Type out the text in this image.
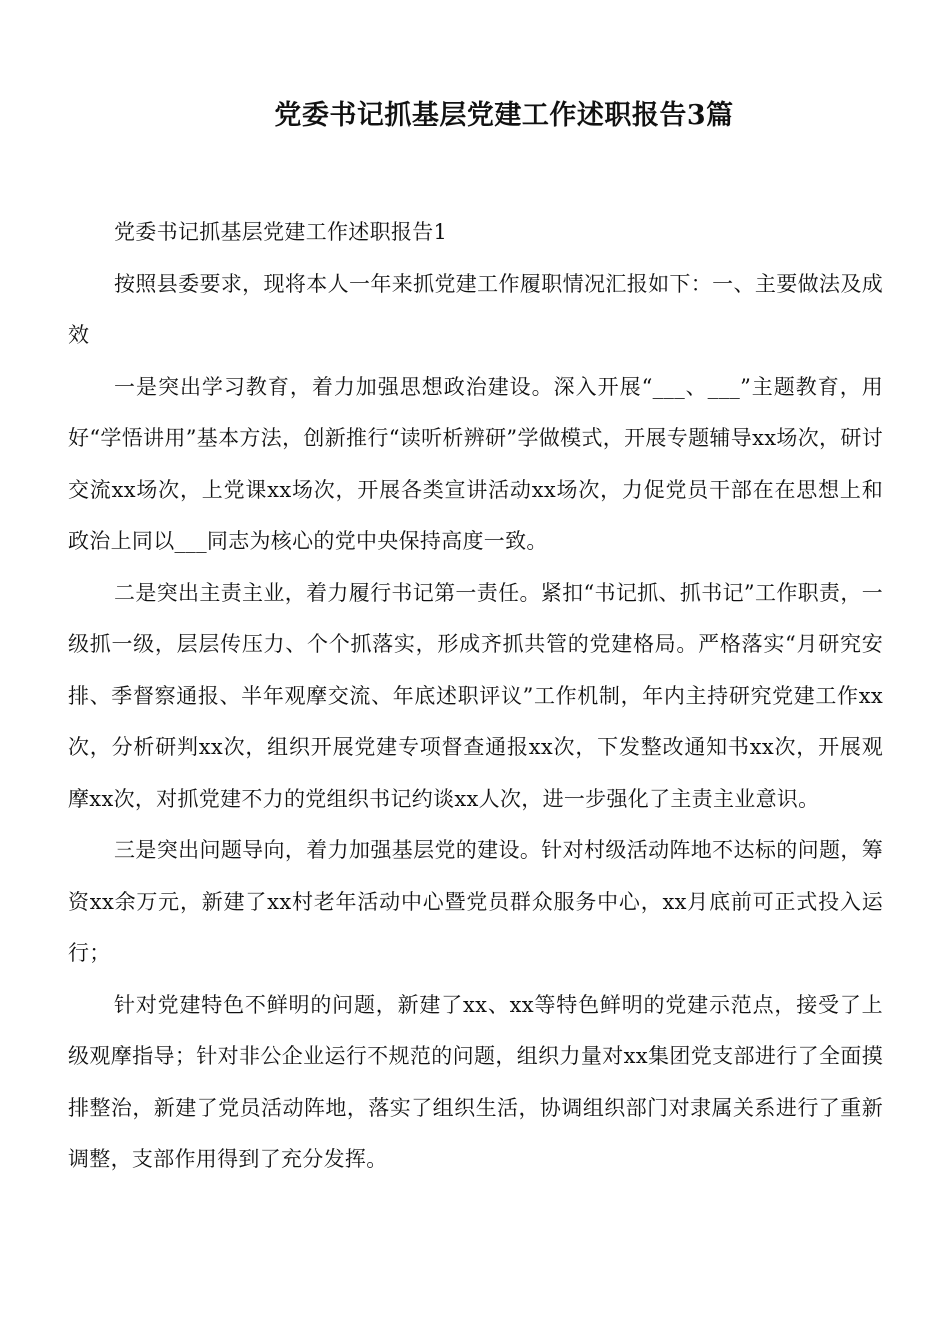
党委书记抓基层党建工作述职报告3篇

党委书记抓基层党建工作述职报告1

按照县委要求，现将本人一年来抓党建工作履职情况汇报如下：一、主要做法及成效

一是突出学习教育，着力加强思想政治建设。深入开展“___、___”主题教育，用好“学悟讲用”基本方法，创新推行“读听析辨研”学做模式，开展专题辅导xx场次，研讨交流xx场次，上党课xx场次，开展各类宣讲活动xx场次，力促党员干部在在思想上和政治上同以___同志为核心的党中央保持高度一致。

二是突出主责主业，着力履行书记第一责任。紧扣“书记抓、抓书记”工作职责，一级抓一级，层层传压力、个个抓落实，形成齐抓共管的党建格局。严格落实“月研究安排、季督察通报、半年观摩交流、年底述职评议”工作机制，年内主持研究党建工作xx次，分析研判xx次，组织开展党建专项督查通报xx次，下发整改通知书xx次，开展观摩xx次，对抓党建不力的党组织书记约谈xx人次，进一步强化了主责主业意识。

三是突出问题导向，着力加强基层党的建设。针对村级活动阵地不达标的问题，筹资xx余万元，新建了xx村老年活动中心暨党员群众服务中心，xx月底前可正式投入运行；

针对党建特色不鲜明的问题，新建了xx、xx等特色鲜明的党建示范点，接受了上级观摩指导；针对非公企业运行不规范的问题，组织力量对xx集团党支部进行了全面摸排整治，新建了党员活动阵地，落实了组织生活，协调组织部门对隶属关系进行了重新调整，支部作用得到了充分发挥。
